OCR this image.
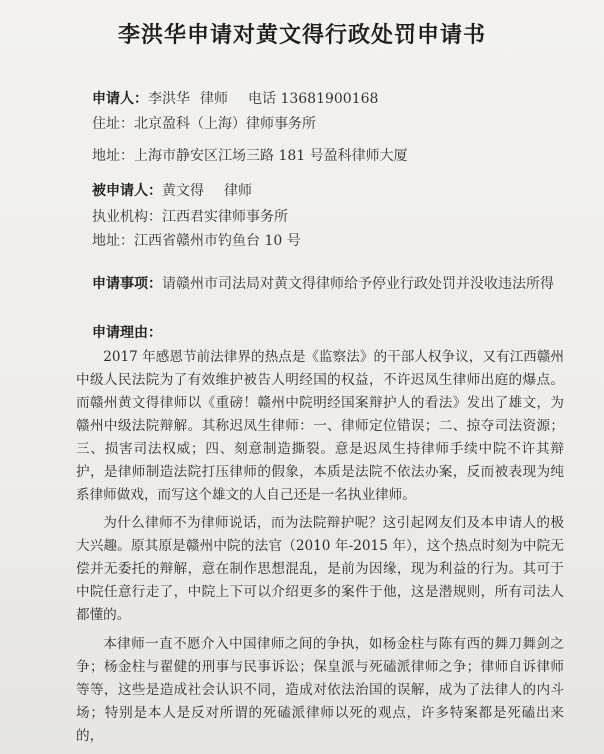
李洪华申请对黄文得行政处罚申请书
申请人：李洪华 律师 电话 13681900168
住址：北京盈科（上海）律师事务所
地址：上海市静安区江场三路 181 号盈科律师大厦
被申请人：黄文得 律师
执业机构：江西君实律师事务所
地址：江西省赣州市钓鱼台 10 号
申请事项：请赣州市司法局对黄文得律师给予停业行政处罚并没收违法所得
申请理由：
2017 年感恩节前法律界的热点是《监察法》的干部人权争议，又有江西赣州中级人民法院为了有效维护被告人明经国的权益，不许迟凤生律师出庭的爆点。而赣州黄文得律师以《重磅！赣州中院明经国案辩护人的看法》发出了雄文，为赣州中级法院辩解。其称迟凤生律师：一、律师定位错误；二、掠夺司法资源；三、损害司法权威；四、刻意制造撕裂。意是迟凤生持律师手续中院不许其辩护，是律师制造法院打压律师的假象，本质是法院不依法办案，反而被表现为纯系律师做戏，而写这个雄文的人自己还是一名执业律师。
为什么律师不为律师说话，而为法院辩护呢？这引起网友们及本申请人的极大兴趣。原其原是赣州中院的法官（2010 年-2015 年），这个热点时刻为中院无偿并无委托的辩解，意在制作思想混乱，是前为因缘，现为利益的行为。其可于中院任意行走了，中院上下可以介绍更多的案件于他，这是潜规则，所有司法人都懂的。
本律师一直不愿介入中国律师之间的争执，如杨金柱与陈有西的舞刀舞剑之争；杨金柱与翟健的刑事与民事诉讼；保皇派与死磕派律师之争；律师自诉律师等等，这些是造成社会认识不同，造成对依法治国的误解，成为了法律人的内斗场；特别是本人是反对所谓的死磕派律师以死的观点，许多特案都是死磕出来的，
